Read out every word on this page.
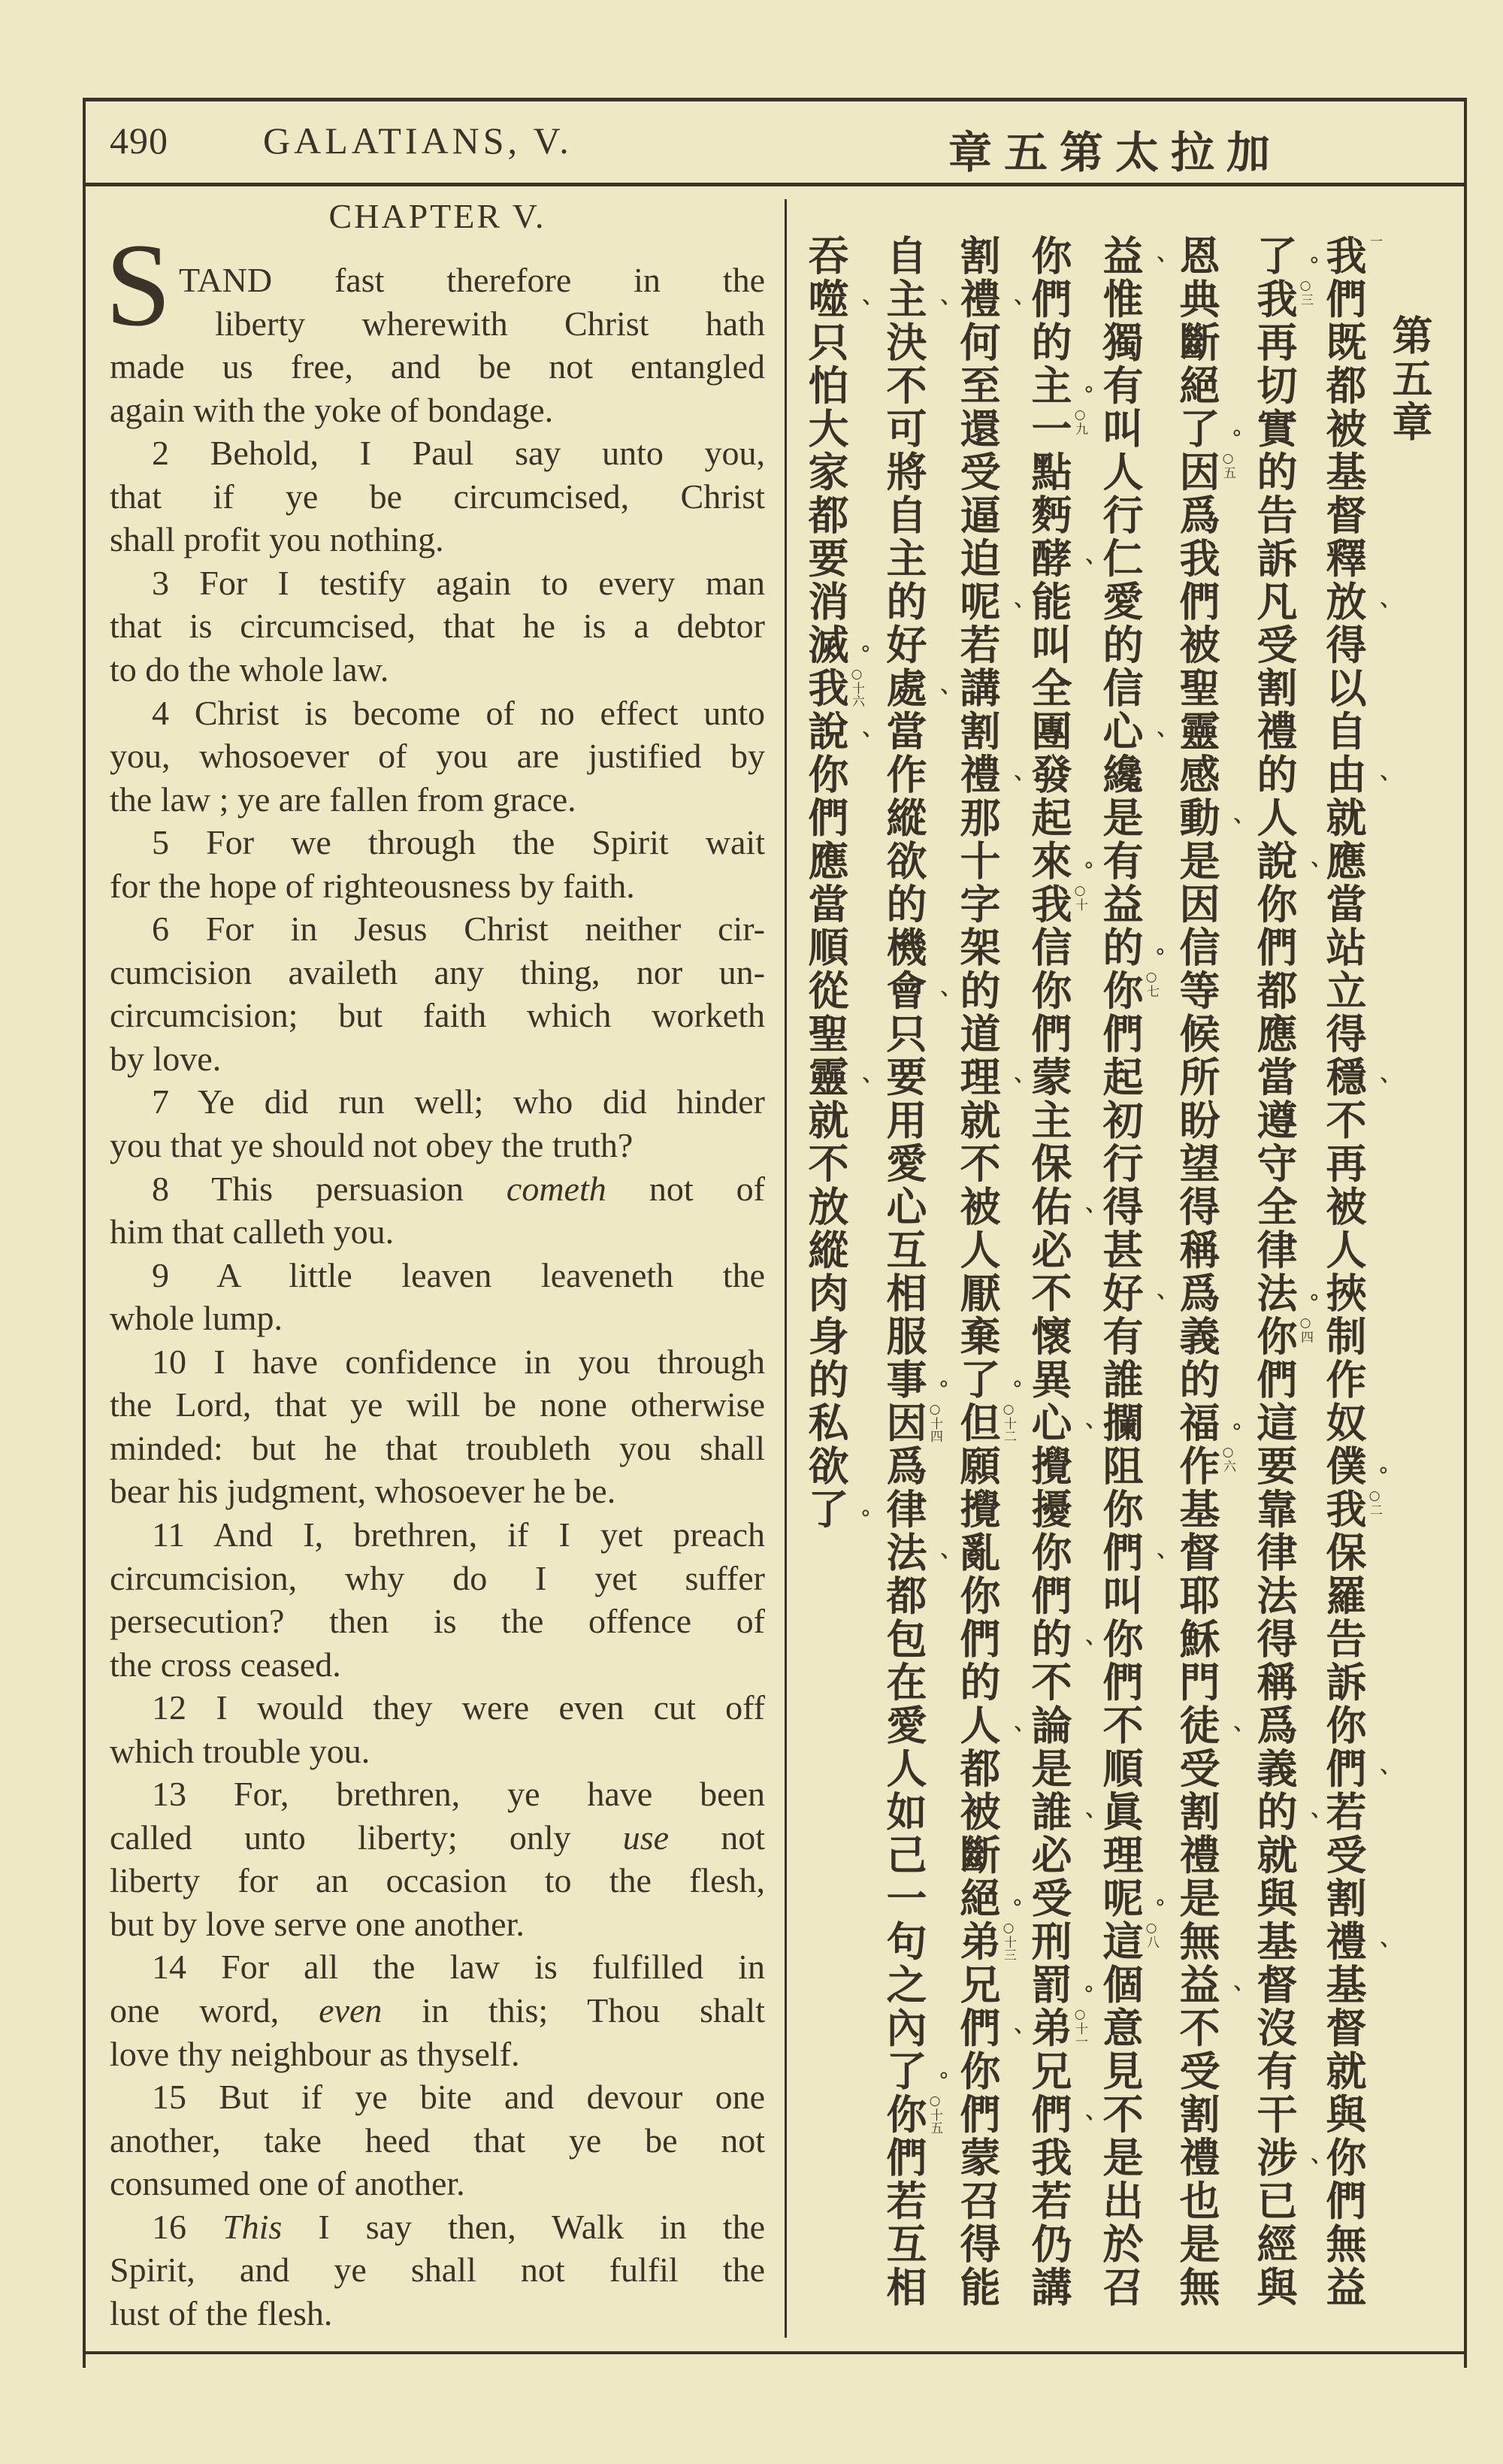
490	GALATIANS, V.	加拉太第五章
CHAPTER V.
S TAND fast therefore in the
liberty wherewith Christ hath
made us free, and be not entangled
again with the yoke of bondage.
2 Behold, I Paul say unto you,
that if ye be circumcised, Christ
shall profit you nothing.
3 For I testify again to every man
that is circumcised, that he is a debtor
to do the whole law.
4 Christ is become of no effect unto
you, whosoever of you are justified by
the law ; ye are fallen from grace.
5 For we through the Spirit wait
for the hope of righteousness by faith.
6 For in Jesus Christ neither cir-
cumcision availeth any thing, nor un-
circumcision; but faith which worketh
by love.
7 Ye did run well; who did hinder
you that ye should not obey the truth?
8 This persuasion cometh not of
him that calleth you.
9 A little leaven leaveneth the
whole lump.
10 I have confidence in you through
the Lord, that ye will be none otherwise
minded: but he that troubleth you shall
bear his judgment, whosoever he be.
11 And I, brethren, if I yet preach
circumcision, why do I yet suffer
persecution? then is the offence of
the cross ceased.
12 I would they were even cut off
which trouble you.
13 For, brethren, ye have been
called unto liberty; only use not
liberty for an occasion to the flesh,
but by love serve one another.
14 For all the law is fulfilled in
one word, even in this; Thou shalt
love thy neighbour as thyself.
15 But if ye bite and devour one
another, take heed that ye be not
consumed one of another.
16 This I say then, Walk in the
Spirit, and ye shall not fulfil the
lust of the flesh.
第五章
一
我們既都被基督釋放
、
得以自由
、
就應當站立得穩
、
不再被人挾制作奴僕
。
○二
我保羅告訴你們
、
若受割禮
、
基督就與你們無益
了
。
○三
我再切實的告訴凡受割禮的人說
、
你們都應當遵守全律法
。
○四
你們這要靠律法得稱爲義的
、
就與基督沒有干涉
、
已經與
恩典斷絕了
。
○五
因爲我們被聖靈感動
、
是因信等候所盼望得稱爲義的福
。
○六
作基督耶穌門徒
、
受割禮是無益
、
不受割禮也是無
益
、
惟獨有叫人行仁愛的信心
、
纔是有益的
。
○七
你們起初行得甚好
、
有誰攔阻你們
、
叫你們不順眞理呢
。
○八
這個意見不是出於召
你們的主
。
○九
一點麪酵
、
能叫全團發起來
。
○十
我信你們蒙主保佑
、
必不懷異心
、
攪擾你們的
、
不論是誰
、
必受刑罰
。
○十一
弟兄們
、
我若仍講
割禮
、
何至還受逼迫呢
、
若講割禮
、
那十字架的道理
、
就不被人厭棄了
。
○十二
但願攪亂你們的人
、
都被斷絕
。
○十三
弟兄們
、
你們蒙召得能
自主
、
決不可將自主的好處
、
當作縱欲的機會
、
只要用愛心互相服事
。
○十四
因爲律法
、
都包在愛人如己一句之內了
。
○十五
你們若互相
吞噬
、
只怕大家都要消滅
。
○十六
我說
、
你們應當順從聖靈
、
就不放縱肉身的私欲了
。
